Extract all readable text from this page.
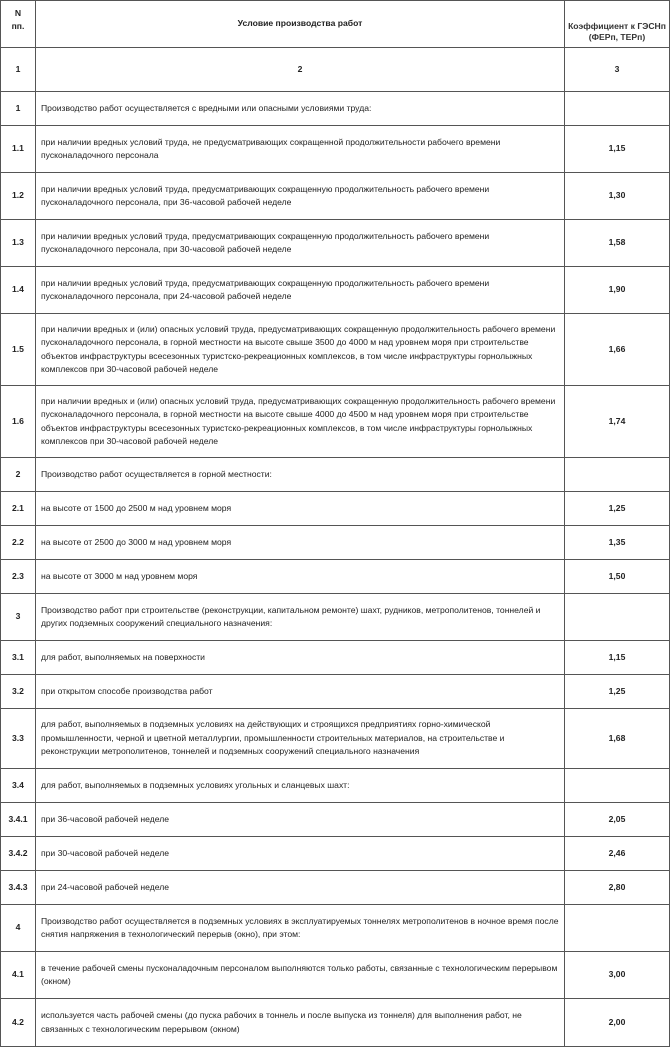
N
пп.	Условие производства работ	Коэффициент к ГЭСНп (ФЕРп, ТЕРп)

1	2	3
1	Производство работ осуществляется с вредными или опасными условиями труда:	
1.1	при наличии вредных условий труда, не предусматривающих сокращенной продолжительности рабочего времени пусконаладочного персонала	1,15
1.2	при наличии вредных условий труда, предусматривающих сокращенную продолжительность рабочего времени пусконаладочного персонала, при 36-часовой рабочей неделе	1,30
1.3	при наличии вредных условий труда, предусматривающих сокращенную продолжительность рабочего времени пусконаладочного персонала, при 30-часовой рабочей неделе	1,58
1.4	при наличии вредных условий труда, предусматривающих сокращенную продолжительность рабочего времени пусконаладочного персонала, при 24-часовой рабочей неделе	1,90
1.5	при наличии вредных и (или) опасных условий труда, предусматривающих сокращенную продолжительность рабочего времени пусконаладочного персонала, в горной местности на высоте свыше 3500 до 4000 м над уровнем моря при строительстве объектов инфраструктуры всесезонных туристско-рекреационных комплексов, в том числе инфраструктуры горнолыжных комплексов при 30-часовой рабочей неделе	1,66
1.6	при наличии вредных и (или) опасных условий труда, предусматривающих сокращенную продолжительность рабочего времени пусконаладочного персонала, в горной местности на высоте свыше 4000 до 4500 м над уровнем моря при строительстве объектов инфраструктуры всесезонных туристско-рекреационных комплексов, в том числе инфраструктуры горнолыжных комплексов при 30-часовой рабочей неделе	1,74
2	Производство работ осуществляется в горной местности:	
2.1	на высоте от 1500 до 2500 м над уровнем моря	1,25
2.2	на высоте от 2500 до 3000 м над уровнем моря	1,35
2.3	на высоте от 3000 м над уровнем моря	1,50
3	Производство работ при строительстве (реконструкции, капитальном ремонте) шахт, рудников, метрополитенов, тоннелей и других подземных сооружений специального назначения:	
3.1	для работ, выполняемых на поверхности	1,15
3.2	при открытом способе производства работ	1,25
3.3	для работ, выполняемых в подземных условиях на действующих и строящихся предприятиях горно-химической промышленности, черной и цветной металлургии, промышленности строительных материалов, на строительстве и реконструкции метрополитенов, тоннелей и подземных сооружений специального назначения	1,68
3.4	для работ, выполняемых в подземных условиях угольных и сланцевых шахт:	
3.4.1	при 36-часовой рабочей неделе	2,05
3.4.2	при 30-часовой рабочей неделе	2,46
3.4.3	при 24-часовой рабочей неделе	2,80
4	Производство работ осуществляется в подземных условиях в эксплуатируемых тоннелях метрополитенов в ночное время после снятия напряжения в технологический перерыв (окно), при этом:	
4.1	в течение рабочей смены пусконаладочным персоналом выполняются только работы, связанные с технологическим перерывом (окном)	3,00
4.2	используется часть рабочей смены (до пуска рабочих в тоннель и после выпуска из тоннеля) для выполнения работ, не связанных с технологическим перерывом (окном)	2,00
